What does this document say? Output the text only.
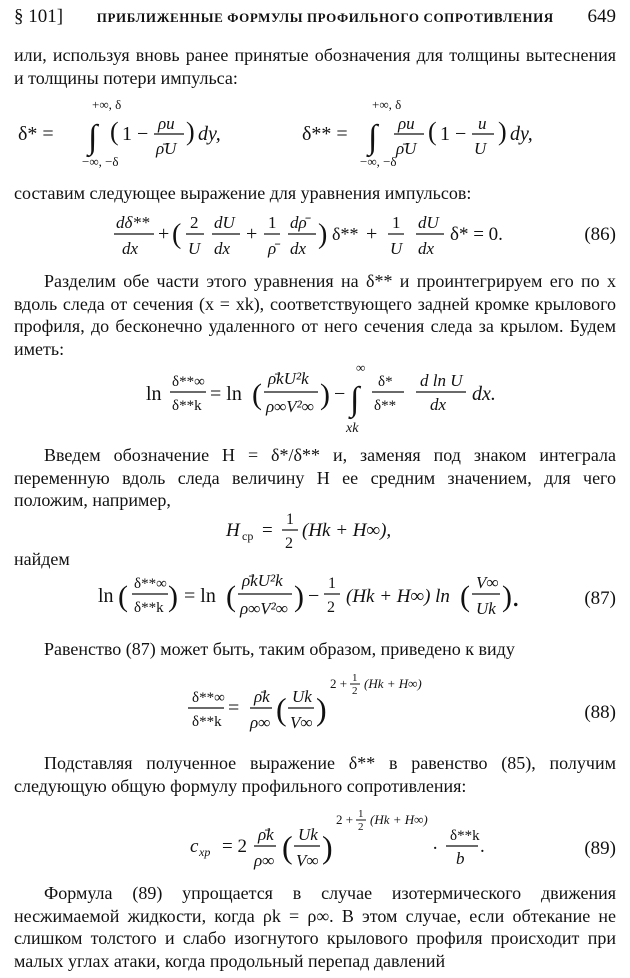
§ 101]	ПРИБЛИЖЕННЫЕ ФОРМУЛЫ ПРОФИЛЬНОГО СОПРОТИВЛЕНИЯ 649

или, используя вновь ранее принятые обозначения для толщины вытеснения и толщины потери импульса:

δ* =
+∞, δ
∫
−∞, −δ
( 1 − ρu
ρ̄U
) dy,	δ** =
+∞, δ
∫
−∞, −δ
ρu
ρ̄U
( 1 − u
U
) dy,

составим следующее выражение для уравнения импульсов:

dδ**
dx
+ ( 2
U
dU
dx
+
1
ρ̄
dρ̄
dx ) δ** +
1
U
dU
dx
δ* = 0.	(86)

Разделим обе части этого уравнения на δ** и проинтегрируем его по x вдоль следа от сечения (x = xk), соответствующего задней кромке крылового профиля, до бесконечно удаленного от него сечения следа за крылом. Будем иметь:

ln
δ**∞
δ**k
= ln ( ρ̄kU²k
ρ∞V²∞ ) −
∞
∫
xk
δ*
δ**
d ln U
dx dx.

Введем обозначение H = δ*/δ** и, заменяя под знаком интеграла переменную вдоль следа величину H ее средним значением, для чего положим, например,

H ср =
1
2
(Hk + H∞),

найдем

ln ( δ**∞
δ**k ) = ln ( ρ̄kU²k
ρ∞V²∞ ) −
1
2
(Hk + H∞) ln ( V∞
Uk ).	(87)

Равенство (87) может быть, таким образом, приведено к виду

δ**∞
δ**k
=
ρ̄k
ρ∞ ( Uk
V∞ )
2 + 1
2 (Hk + H∞)
(88)

Подставляя полученное выражение δ** в равенство (85), получим следующую общую формулу профильного сопротивления:

c xp = 2
ρ̄k
ρ∞ ( Uk
V∞ )
2 + 1
2 (Hk + H∞)
·
δ**k
b
.	(89)

Формула (89) упрощается в случае изотермического движения несжимаемой жидкости, когда ρk = ρ∞. В этом случае, если обтекание не слишком толстого и слабо изогнутого крылового профиля происходит при малых углах атаки, когда продольный перепад давлений
